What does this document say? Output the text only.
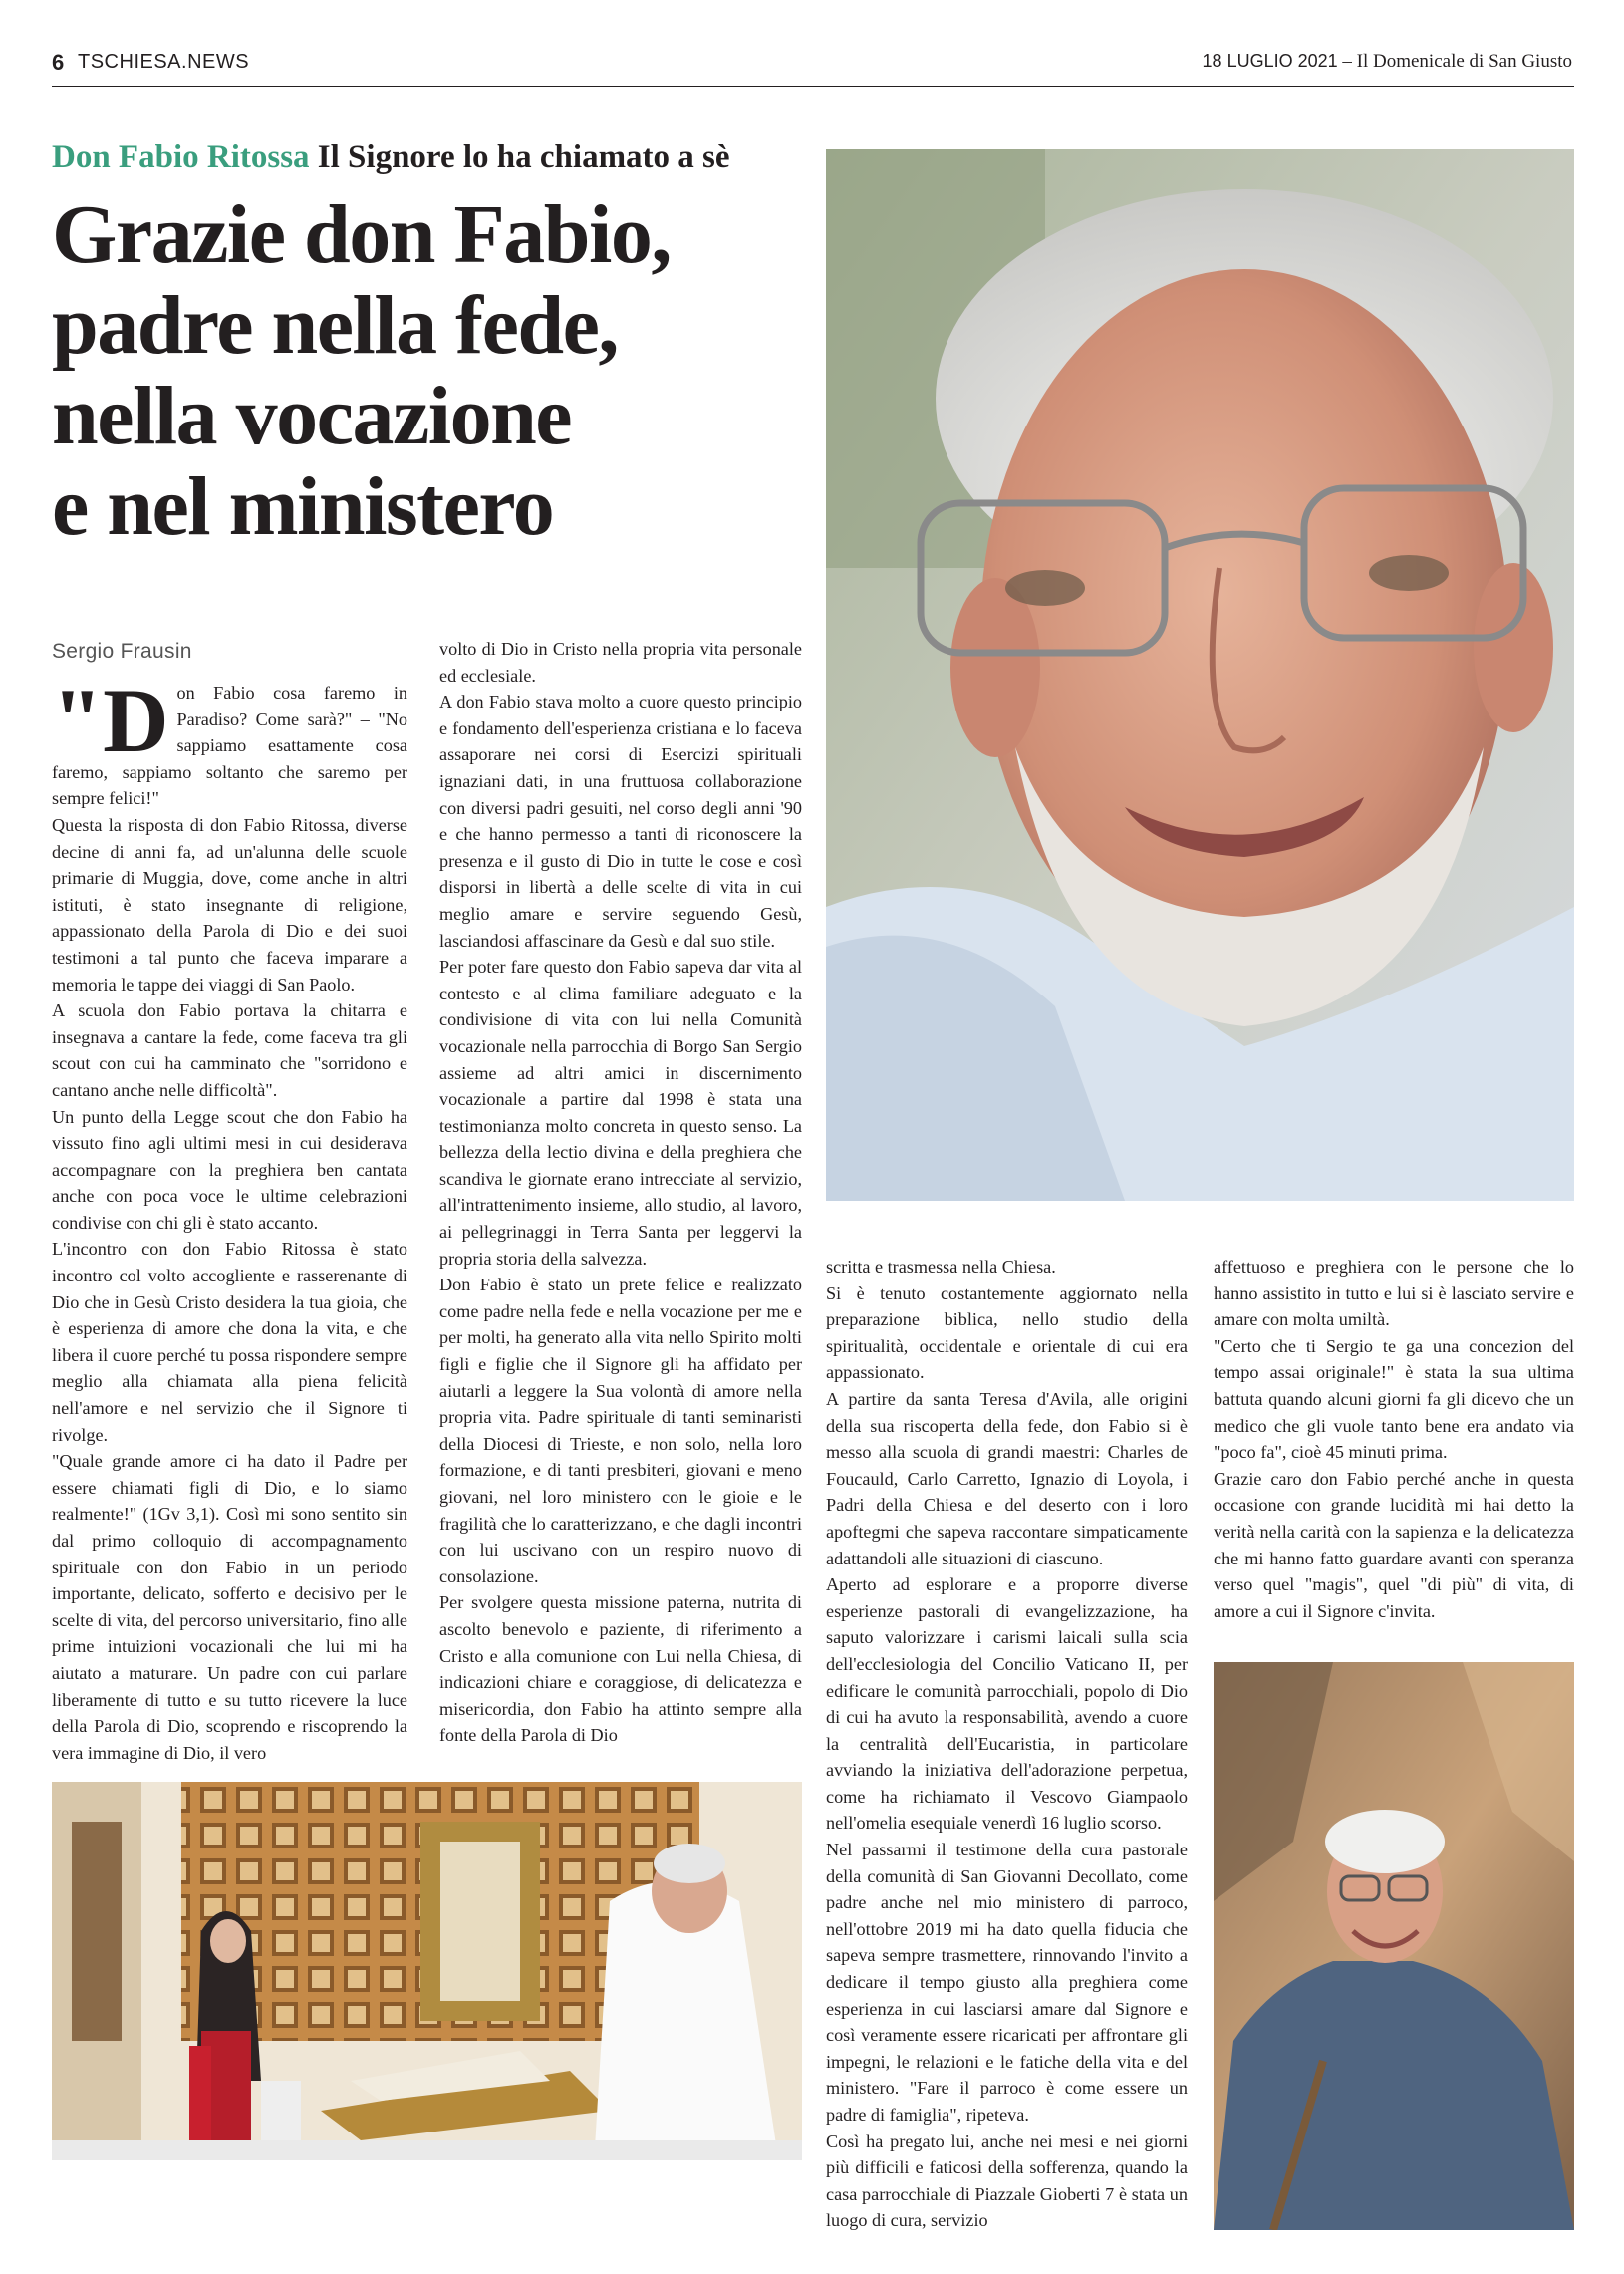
6 TSCHIESA.NEWS	18 LUGLIO 2021 – Il Domenicale di San Giusto
Don Fabio Ritossa Il Signore lo ha chiamato a sè
Grazie don Fabio,
padre nella fede,
nella vocazione
e nel ministero
Sergio Frausin
"D on Fabio cosa faremo in Paradiso? Come sarà?" – "No sappiamo esattamente cosa faremo, sappiamo soltanto che saremo per sempre felici!"

Questa la risposta di don Fabio Ritossa, diverse decine di anni fa, ad un'alunna delle scuole primarie di Muggia, dove, come anche in altri istituti, è stato insegnante di religione, appassionato della Parola di Dio e dei suoi testimoni a tal punto che faceva imparare a memoria le tappe dei viaggi di San Paolo.

A scuola don Fabio portava la chitarra e insegnava a cantare la fede, come faceva tra gli scout con cui ha camminato che "sorridono e cantano anche nelle difficoltà".

Un punto della Legge scout che don Fabio ha vissuto fino agli ultimi mesi in cui desiderava accompagnare con la preghiera ben cantata anche con poca voce le ultime celebrazioni condivise con chi gli è stato accanto.

L'incontro con don Fabio Ritossa è stato incontro col volto accogliente e rasserenante di Dio che in Gesù Cristo desidera la tua gioia, che è esperienza di amore che dona la vita, e che libera il cuore perché tu possa rispondere sempre meglio alla chiamata alla piena felicità nell'amore e nel servizio che il Signore ti rivolge.

"Quale grande amore ci ha dato il Padre per essere chiamati figli di Dio, e lo siamo realmente!" (1Gv 3,1). Così mi sono sentito sin dal primo colloquio di accompagnamento spirituale con don Fabio in un periodo importante, delicato, sofferto e decisivo per le scelte di vita, del percorso universitario, fino alle prime intuizioni vocazionali che lui mi ha aiutato a maturare. Un padre con cui parlare liberamente di tutto e su tutto ricevere la luce della Parola di Dio, scoprendo e riscoprendo la vera immagine di Dio, il vero

volto di Dio in Cristo nella propria vita personale ed ecclesiale.

A don Fabio stava molto a cuore questo principio e fondamento dell'esperienza cristiana e lo faceva assaporare nei corsi di Esercizi spirituali ignaziani dati, in una fruttuosa collaborazione con diversi padri gesuiti, nel corso degli anni '90 e che hanno permesso a tanti di riconoscere la presenza e il gusto di Dio in tutte le cose e così disporsi in libertà a delle scelte di vita in cui meglio amare e servire seguendo Gesù, lasciandosi affascinare da Gesù e dal suo stile.

Per poter fare questo don Fabio sapeva dar vita al contesto e al clima familiare adeguato e la condivisione di vita con lui nella Comunità vocazionale nella parrocchia di Borgo San Sergio assieme ad altri amici in discernimento vocazionale a partire dal 1998 è stata una testimonianza molto concreta in questo senso. La bellezza della lectio divina e della preghiera che scandiva le giornate erano intrecciate al servizio, all'intrattenimento insieme, allo studio, al lavoro, ai pellegrinaggi in Terra Santa per leggervi la propria storia della salvezza.

Don Fabio è stato un prete felice e realizzato come padre nella fede e nella vocazione per me e per molti, ha generato alla vita nello Spirito molti figli e figlie che il Signore gli ha affidato per aiutarli a leggere la Sua volontà di amore nella propria vita. Padre spirituale di tanti seminaristi della Diocesi di Trieste, e non solo, nella loro formazione, e di tanti presbiteri, giovani e meno giovani, nel loro ministero con le gioie e le fragilità che lo caratterizzano, e che dagli incontri con lui uscivano con un respiro nuovo di consolazione.

Per svolgere questa missione paterna, nutrita di ascolto benevolo e paziente, di riferimento a Cristo e alla comunione con Lui nella Chiesa, di indicazioni chiare e coraggiose, di delicatezza e misericordia, don Fabio ha attinto sempre alla fonte della Parola di Dio

scritta e trasmessa nella Chiesa.

Si è tenuto costantemente aggiornato nella preparazione biblica, nello studio della spiritualità, occidentale e orientale di cui era appassionato.

A partire da santa Teresa d'Avila, alle origini della sua riscoperta della fede, don Fabio si è messo alla scuola di grandi maestri: Charles de Foucauld, Carlo Carretto, Ignazio di Loyola, i Padri della Chiesa e del deserto con i loro apoftegmi che sapeva raccontare simpaticamente adattandoli alle situazioni di ciascuno.

Aperto ad esplorare e a proporre diverse esperienze pastorali di evangelizzazione, ha saputo valorizzare i carismi laicali sulla scia dell'ecclesiologia del Concilio Vaticano II, per edificare le comunità parrocchiali, popolo di Dio di cui ha avuto la responsabilità, avendo a cuore la centralità dell'Eucaristia, in particolare avviando la iniziativa dell'adorazione perpetua, come ha richiamato il Vescovo Giampaolo nell'omelia esequiale venerdì 16 luglio scorso.

Nel passarmi il testimone della cura pastorale della comunità di San Giovanni Decollato, come padre anche nel mio ministero di parroco, nell'ottobre 2019 mi ha dato quella fiducia che sapeva sempre trasmettere, rinnovando l'invito a dedicare il tempo giusto alla preghiera come esperienza in cui lasciarsi amare dal Signore e così veramente essere ricaricati per affrontare gli impegni, le relazioni e le fatiche della vita e del ministero. "Fare il parroco è come essere un padre di famiglia", ripeteva.

Così ha pregato lui, anche nei mesi e nei giorni più difficili e faticosi della sofferenza, quando la casa parrocchiale di Piazzale Gioberti 7 è stata un luogo di cura, servizio

affettuoso e preghiera con le persone che lo hanno assistito in tutto e lui si è lasciato servire e amare con molta umiltà.

"Certo che ti Sergio te ga una concezion del tempo assai originale!" è stata la sua ultima battuta quando alcuni giorni fa gli dicevo che un medico che gli vuole tanto bene era andato via "poco fa", cioè 45 minuti prima.

Grazie caro don Fabio perché anche in questa occasione con grande lucidità mi hai detto la verità nella carità con la sapienza e la delicatezza che mi hanno fatto guardare avanti con speranza verso quel "magis", quel "di più" di vita, di amore a cui il Signore c'invita.
